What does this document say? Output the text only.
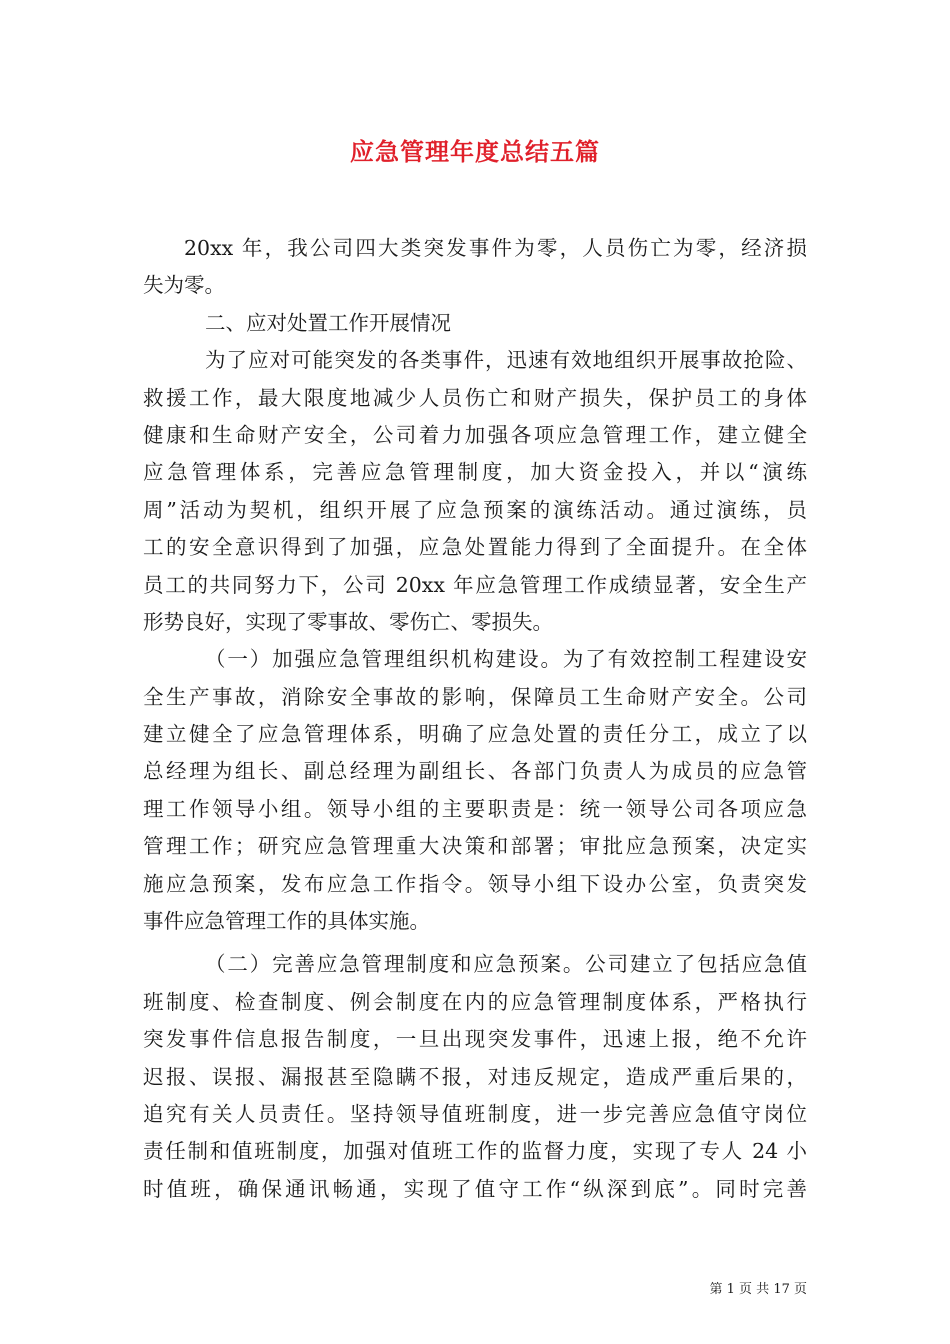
应急管理年度总结五篇
20xx 年，我公司四大类突发事件为零，人员伤亡为零，经济损
失为零。
二、应对处置工作开展情况
为了应对可能突发的各类事件，迅速有效地组织开展事故抢险、
救援工作，最大限度地减少人员伤亡和财产损失，保护员工的身体
健康和生命财产安全，公司着力加强各项应急管理工作，建立健全
应急管理体系，完善应急管理制度，加大资金投入，并以“演练
周”活动为契机，组织开展了应急预案的演练活动。通过演练，员
工的安全意识得到了加强，应急处置能力得到了全面提升。在全体
员工的共同努力下，公司 20xx 年应急管理工作成绩显著，安全生产
形势良好，实现了零事故、零伤亡、零损失。
（一）加强应急管理组织机构建设。为了有效控制工程建设安
全生产事故，消除安全事故的影响，保障员工生命财产安全。公司
建立健全了应急管理体系，明确了应急处置的责任分工，成立了以
总经理为组长、副总经理为副组长、各部门负责人为成员的应急管
理工作领导小组。领导小组的主要职责是：统一领导公司各项应急
管理工作；研究应急管理重大决策和部署；审批应急预案，决定实
施应急预案，发布应急工作指令。领导小组下设办公室，负责突发
事件应急管理工作的具体实施。
（二）完善应急管理制度和应急预案。公司建立了包括应急值
班制度、检查制度、例会制度在内的应急管理制度体系，严格执行
突发事件信息报告制度，一旦出现突发事件，迅速上报，绝不允许
迟报、误报、漏报甚至隐瞒不报，对违反规定，造成严重后果的，
追究有关人员责任。坚持领导值班制度，进一步完善应急值守岗位
责任制和值班制度，加强对值班工作的监督力度，实现了专人 24 小
时值班，确保通讯畅通，实现了值守工作“纵深到底”。同时完善
第 1 页 共 17 页
